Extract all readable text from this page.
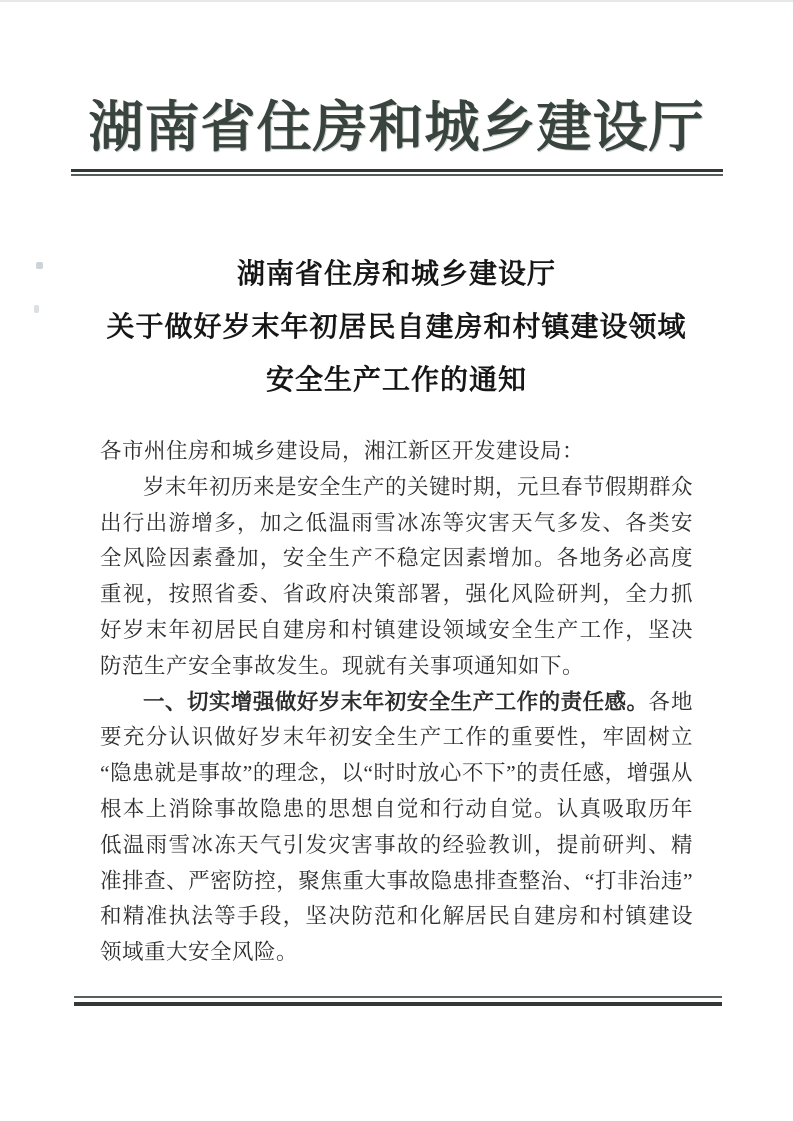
湖南省住房和城乡建设厅
湖南省住房和城乡建设厅
关于做好岁末年初居民自建房和村镇建设领域
安全生产工作的通知

各市州住房和城乡建设局，湘江新区开发建设局：

岁末年初历来是安全生产的关键时期，元旦春节假期群众出行出游增多，加之低温雨雪冰冻等灾害天气多发、各类安全风险因素叠加，安全生产不稳定因素增加。各地务必高度重视，按照省委、省政府决策部署，强化风险研判，全力抓好岁末年初居民自建房和村镇建设领域安全生产工作，坚决防范生产安全事故发生。现就有关事项通知如下。

一、切实增强做好岁末年初安全生产工作的责任感。各地要充分认识做好岁末年初安全生产工作的重要性，牢固树立“隐患就是事故”的理念，以“时时放心不下”的责任感，增强从根本上消除事故隐患的思想自觉和行动自觉。认真吸取历年低温雨雪冰冻天气引发灾害事故的经验教训，提前研判、精准排查、严密防控，聚焦重大事故隐患排查整治、“打非治违”和精准执法等手段，坚决防范和化解居民自建房和村镇建设领域重大安全风险。
